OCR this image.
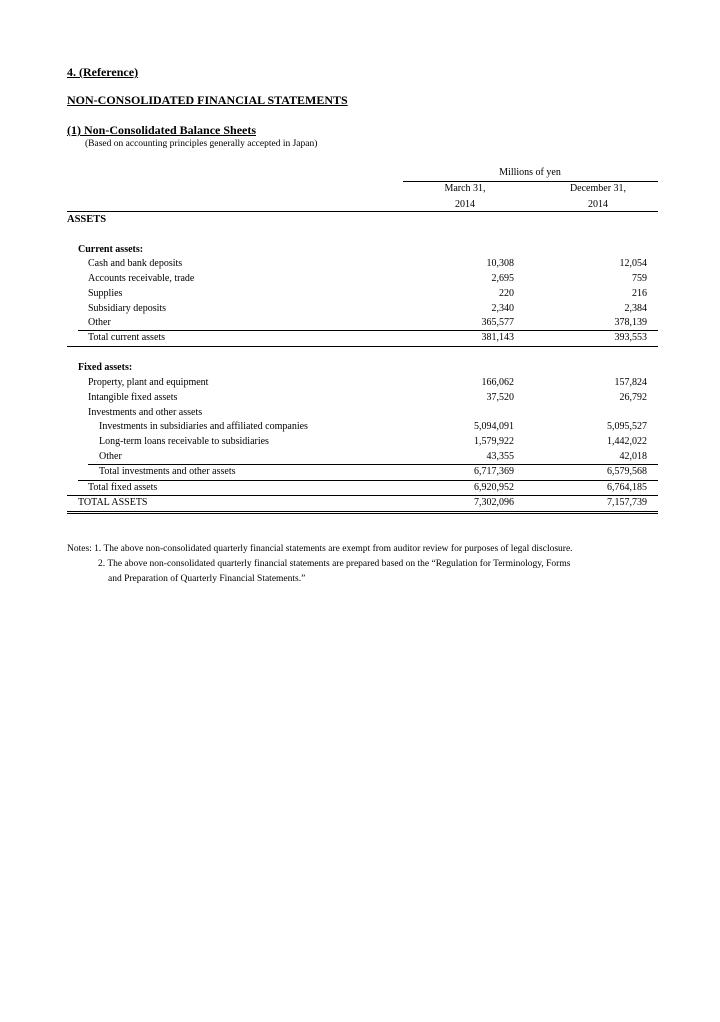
4. (Reference)
NON-CONSOLIDATED FINANCIAL STATEMENTS
(1) Non-Consolidated Balance Sheets
(Based on accounting principles generally accepted in Japan)
Millions of yen
March 31,
2014
December 31,
2014
ASSETS
Current assets:
Cash and bank deposits	10,308	12,054
Accounts receivable, trade	2,695	759
Supplies	220	216
Subsidiary deposits	2,340	2,384
Other	365,577	378,139
Total current assets	381,143	393,553
Fixed assets:
Property, plant and equipment	166,062	157,824
Intangible fixed assets	37,520	26,792
Investments and other assets
Investments in subsidiaries and affiliated companies	5,094,091	5,095,527
Long-term loans receivable to subsidiaries	1,579,922	1,442,022
Other	43,355	42,018
Total investments and other assets	6,717,369	6,579,568
Total fixed assets	6,920,952	6,764,185
TOTAL ASSETS	7,302,096	7,157,739
Notes: 1. The above non-consolidated quarterly financial statements are exempt from auditor review for purposes of legal disclosure.
2. The above non-consolidated quarterly financial statements are prepared based on the “Regulation for Terminology, Forms
and Preparation of Quarterly Financial Statements.”
